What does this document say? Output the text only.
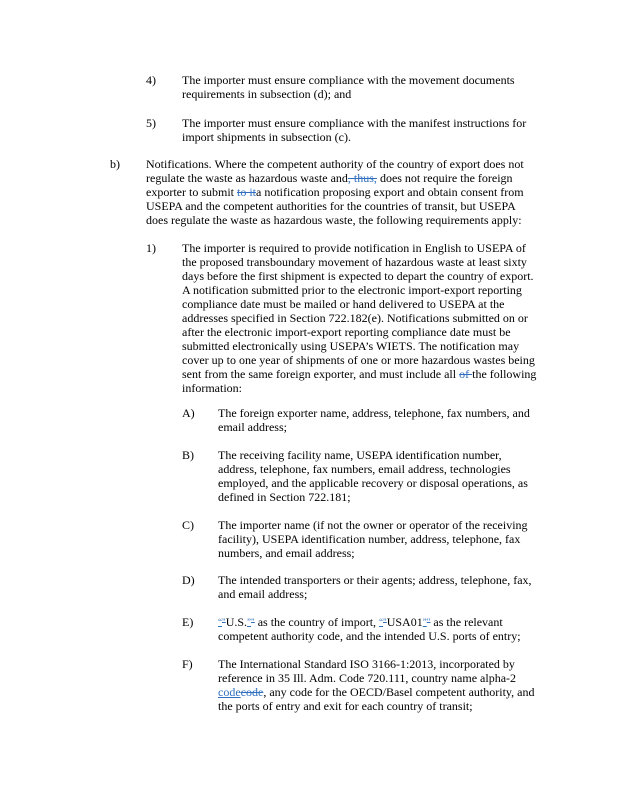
4) The importer must ensure compliance with the movement documents
requirements in subsection (d); and
5) The importer must ensure compliance with the manifest instructions for
import shipments in subsection (c).
b) Notifications. Where the competent authority of the country of export does not
regulate the waste as hazardous waste and, thus, does not require the foreign
exporter to submit to ita notification proposing export and obtain consent from
USEPA and the competent authorities for the countries of transit, but USEPA
does regulate the waste as hazardous waste, the following requirements apply:
1) The importer is required to provide notification in English to USEPA of
the proposed transboundary movement of hazardous waste at least sixty
days before the first shipment is expected to depart the country of export.
A notification submitted prior to the electronic import-export reporting
compliance date must be mailed or hand delivered to USEPA at the
addresses specified in Section 722.182(e). Notifications submitted on or
after the electronic import-export reporting compliance date must be
submitted electronically using USEPA’s WIETS. The notification may
cover up to one year of shipments of one or more hazardous wastes being
sent from the same foreign exporter, and must include all of the following
information:
A) The foreign exporter name, address, telephone, fax numbers, and
email address;
B) The receiving facility name, USEPA identification number,
address, telephone, fax numbers, email address, technologies
employed, and the applicable recovery or disposal operations, as
defined in Section 722.181;
C) The importer name (if not the owner or operator of the receiving
facility), USEPA identification number, address, telephone, fax
numbers, and email address;
D) The intended transporters or their agents; address, telephone, fax,
and email address;
E)	“"U.S.”" as the country of import, “"USA01”" as the relevant
competent authority code, and the intended U.S. ports of entry;
F) The International Standard ISO 3166-1:2013, incorporated by
reference in 35 Ill. Adm. Code 720.111, country name alpha-2
codecode, any code for the OECD/Basel competent authority, and
the ports of entry and exit for each country of transit;
